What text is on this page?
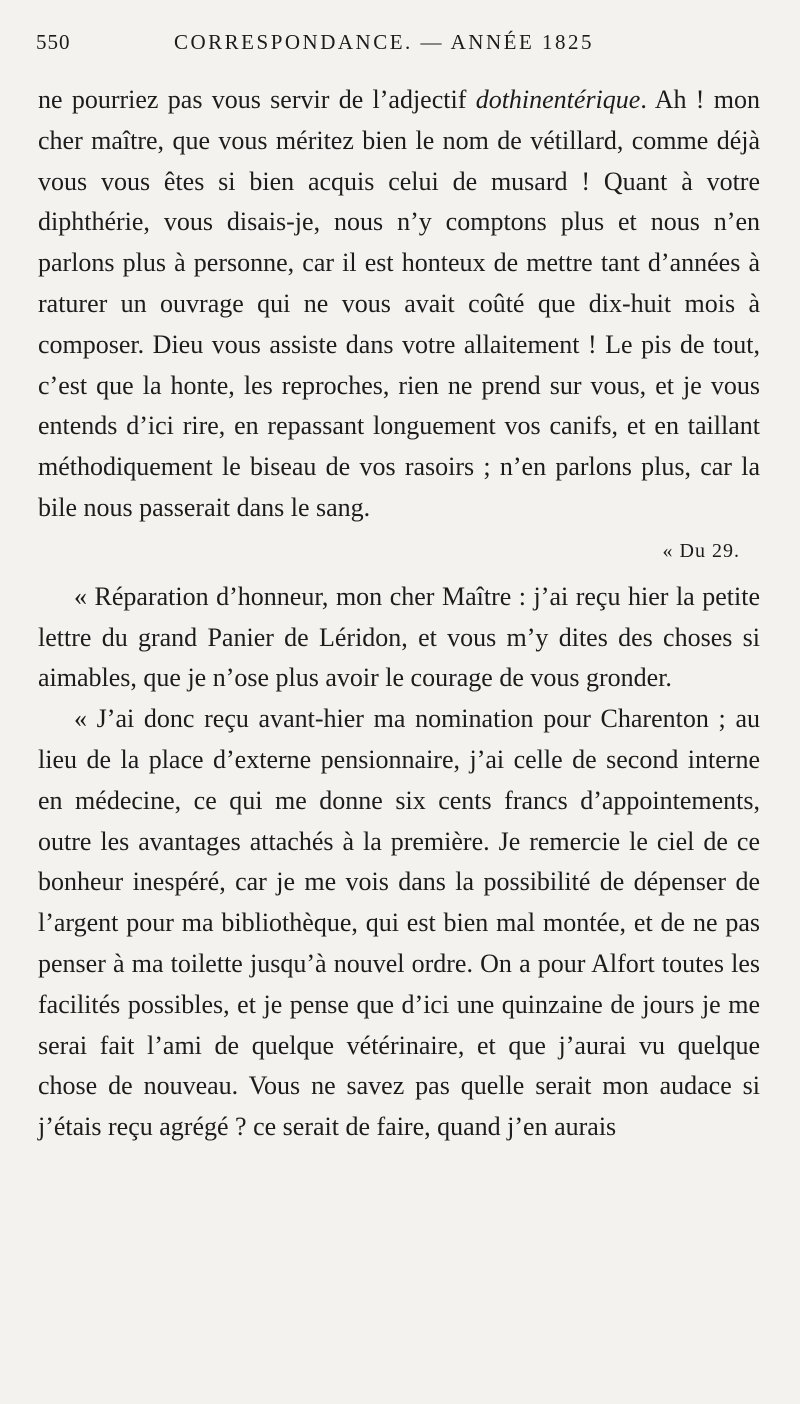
550	CORRESPONDANCE. — ANNÉE 1825

ne pourriez pas vous servir de l’adjectif dothinentérique. Ah ! mon cher maître, que vous méritez bien le nom de vétillard, comme déjà vous vous êtes si bien acquis celui de musard ! Quant à votre diphthérie, vous disais-je, nous n’y comptons plus et nous n’en parlons plus à personne, car il est honteux de mettre tant d’années à raturer un ouvrage qui ne vous avait coûté que dix-huit mois à composer. Dieu vous assiste dans votre allaitement ! Le pis de tout, c’est que la honte, les reproches, rien ne prend sur vous, et je vous entends d’ici rire, en repassant longuement vos canifs, et en taillant méthodiquement le biseau de vos rasoirs ; n’en parlons plus, car la bile nous passerait dans le sang.

« Du 29.

« Réparation d’honneur, mon cher Maître : j’ai reçu hier la petite lettre du grand Panier de Léridon, et vous m’y dites des choses si aimables, que je n’ose plus avoir le courage de vous gronder.

« J’ai donc reçu avant-hier ma nomination pour Charenton ; au lieu de la place d’externe pensionnaire, j’ai celle de second interne en médecine, ce qui me donne six cents francs d’appointements, outre les avantages attachés à la première. Je remercie le ciel de ce bonheur inespéré, car je me vois dans la possibilité de dépenser de l’argent pour ma bibliothèque, qui est bien mal montée, et de ne pas penser à ma toilette jusqu’à nouvel ordre. On a pour Alfort toutes les facilités possibles, et je pense que d’ici une quinzaine de jours je me serai fait l’ami de quelque vétérinaire, et que j’aurai vu quelque chose de nouveau. Vous ne savez pas quelle serait mon audace si j’étais reçu agrégé ? ce serait de faire, quand j’en aurais
